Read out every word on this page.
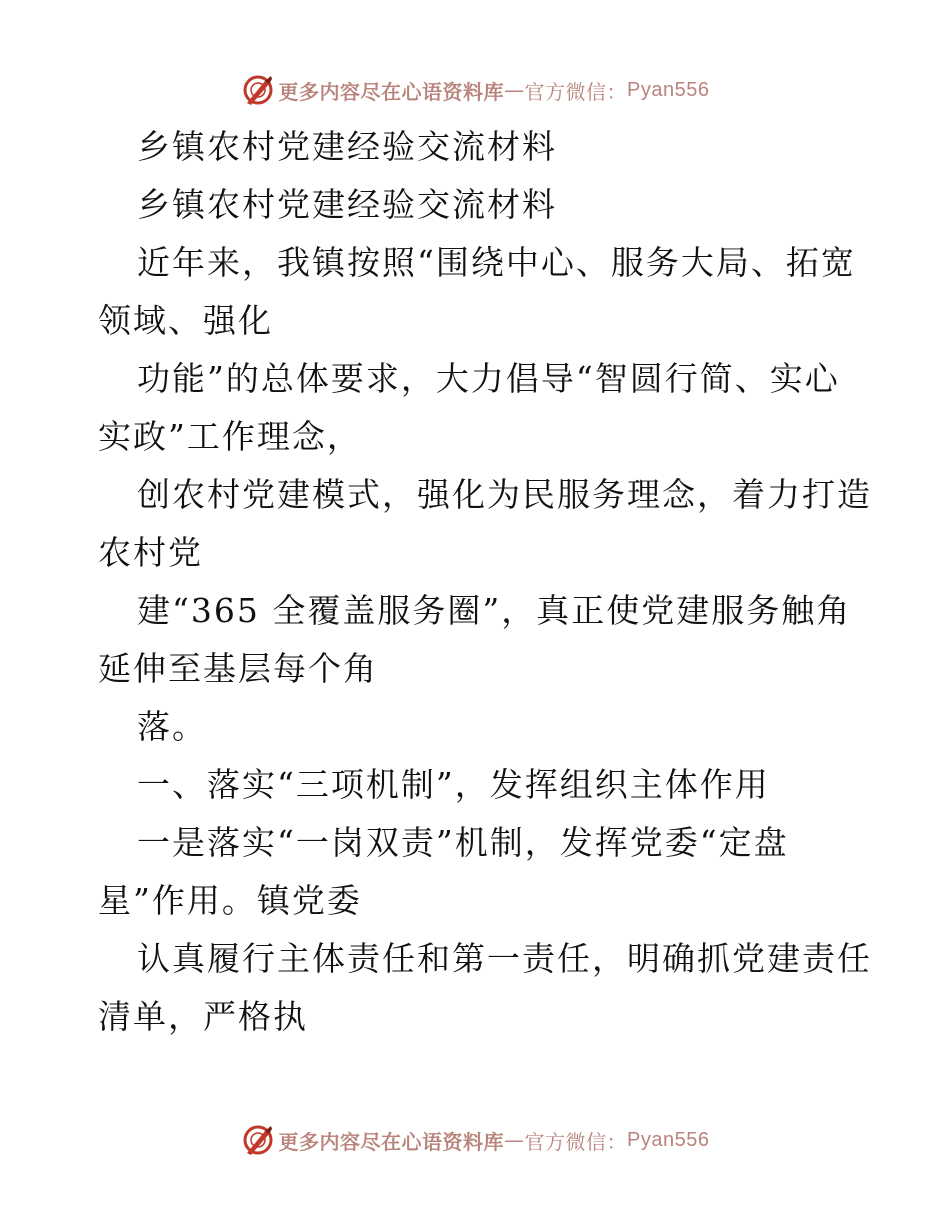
更多内容尽在心语资料库 — 官方微信： Pyan556
乡镇农村党建经验交流材料
乡镇农村党建经验交流材料
近年来，我镇按照“围绕中心、服务大局、拓宽
领域、强化
功能”的总体要求，大力倡导“智圆行简、实心
实政”工作理念，
创农村党建模式，强化为民服务理念，着力打造
农村党
建“365 全覆盖服务圈”，真正使党建服务触角
延伸至基层每个角
落。
一、落实“三项机制”，发挥组织主体作用
一是落实“一岗双责”机制，发挥党委“定盘
星”作用。镇党委
认真履行主体责任和第一责任，明确抓党建责任
清单，严格执
更多内容尽在心语资料库 — 官方微信： Pyan556
